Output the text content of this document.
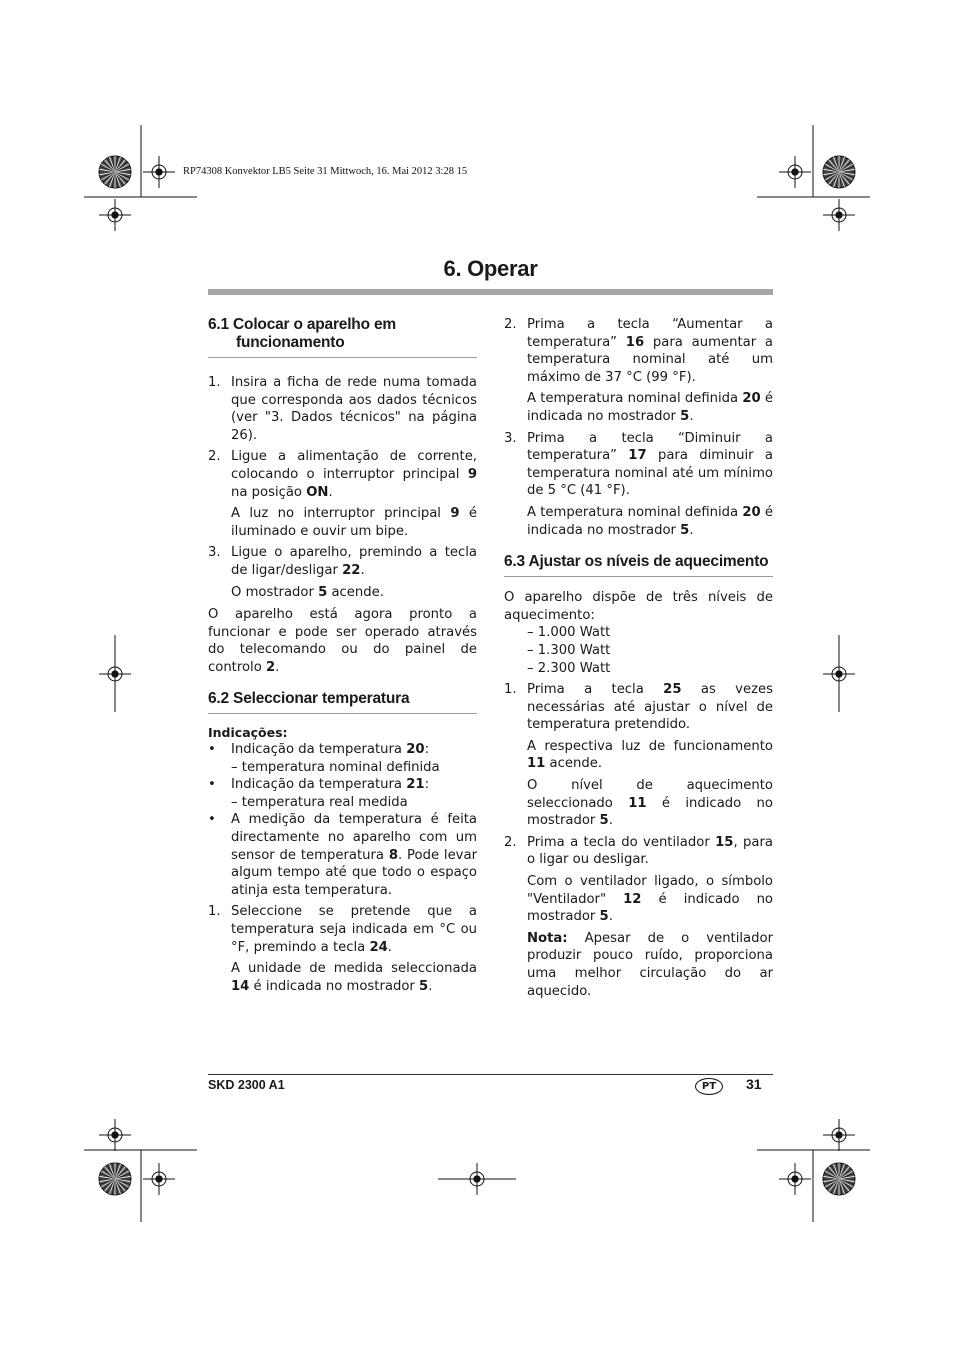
RP74308 Konvektor LB5 Seite 31 Mittwoch, 16. Mai 2012 3:28 15
6. Operar
6.1 Colocar o aparelho em
funcionamento
1. Insira a ficha de rede numa tomada que corresponda aos dados técnicos (ver "3. Dados técnicos" na página 26).
2. Ligue a alimentação de corrente, colocando o interruptor principal 9 na posição ON.
A luz no interruptor principal 9 é iluminado e ouvir um bipe.
3. Ligue o aparelho, premindo a tecla de ligar/desligar 22.
O mostrador 5 acende.

O aparelho está agora pronto a funcionar e pode ser operado através do telecomando ou do painel de controlo 2.

6.2 Seleccionar temperatura
Indicações:
•	Indicação da temperatura 20:
– temperatura nominal definida
•	Indicação da temperatura 21:
– temperatura real medida
•	A medição da temperatura é feita directamente no aparelho com um sensor de temperatura 8. Pode levar algum tempo até que todo o espaço atinja esta temperatura.
1. Seleccione se pretende que a temperatura seja indicada em °C ou °F, premindo a tecla 24.
A unidade de medida seleccionada 14 é indicada no mostrador 5.
2. Prima a tecla “Aumentar a temperatura” 16 para aumentar a temperatura nominal até um máximo de 37 °C (99 °F).
A temperatura nominal definida 20 é indicada no mostrador 5.
3. Prima a tecla “Diminuir a temperatura” 17 para diminuir a temperatura nominal até um mínimo de 5 °C (41 °F).
A temperatura nominal definida 20 é indicada no mostrador 5.
6.3 Ajustar os níveis de aquecimento

O aparelho dispõe de três níveis de aquecimento:

– 1.000 Watt
– 1.300 Watt
– 2.300 Watt
1. Prima a tecla 25 as vezes necessárias até ajustar o nível de temperatura pretendido.
A respectiva luz de funcionamento 11 acende.
O nível de aquecimento seleccionado 11 é indicado no mostrador 5.
2. Prima a tecla do ventilador 15, para o ligar ou desligar.
Com o ventilador ligado, o símbolo "Ventilador" 12 é indicado no mostrador 5.
Nota: Apesar de o ventilador produzir pouco ruído, proporciona uma melhor circulação do ar aquecido.
SKD 2300 A1	PT	31
